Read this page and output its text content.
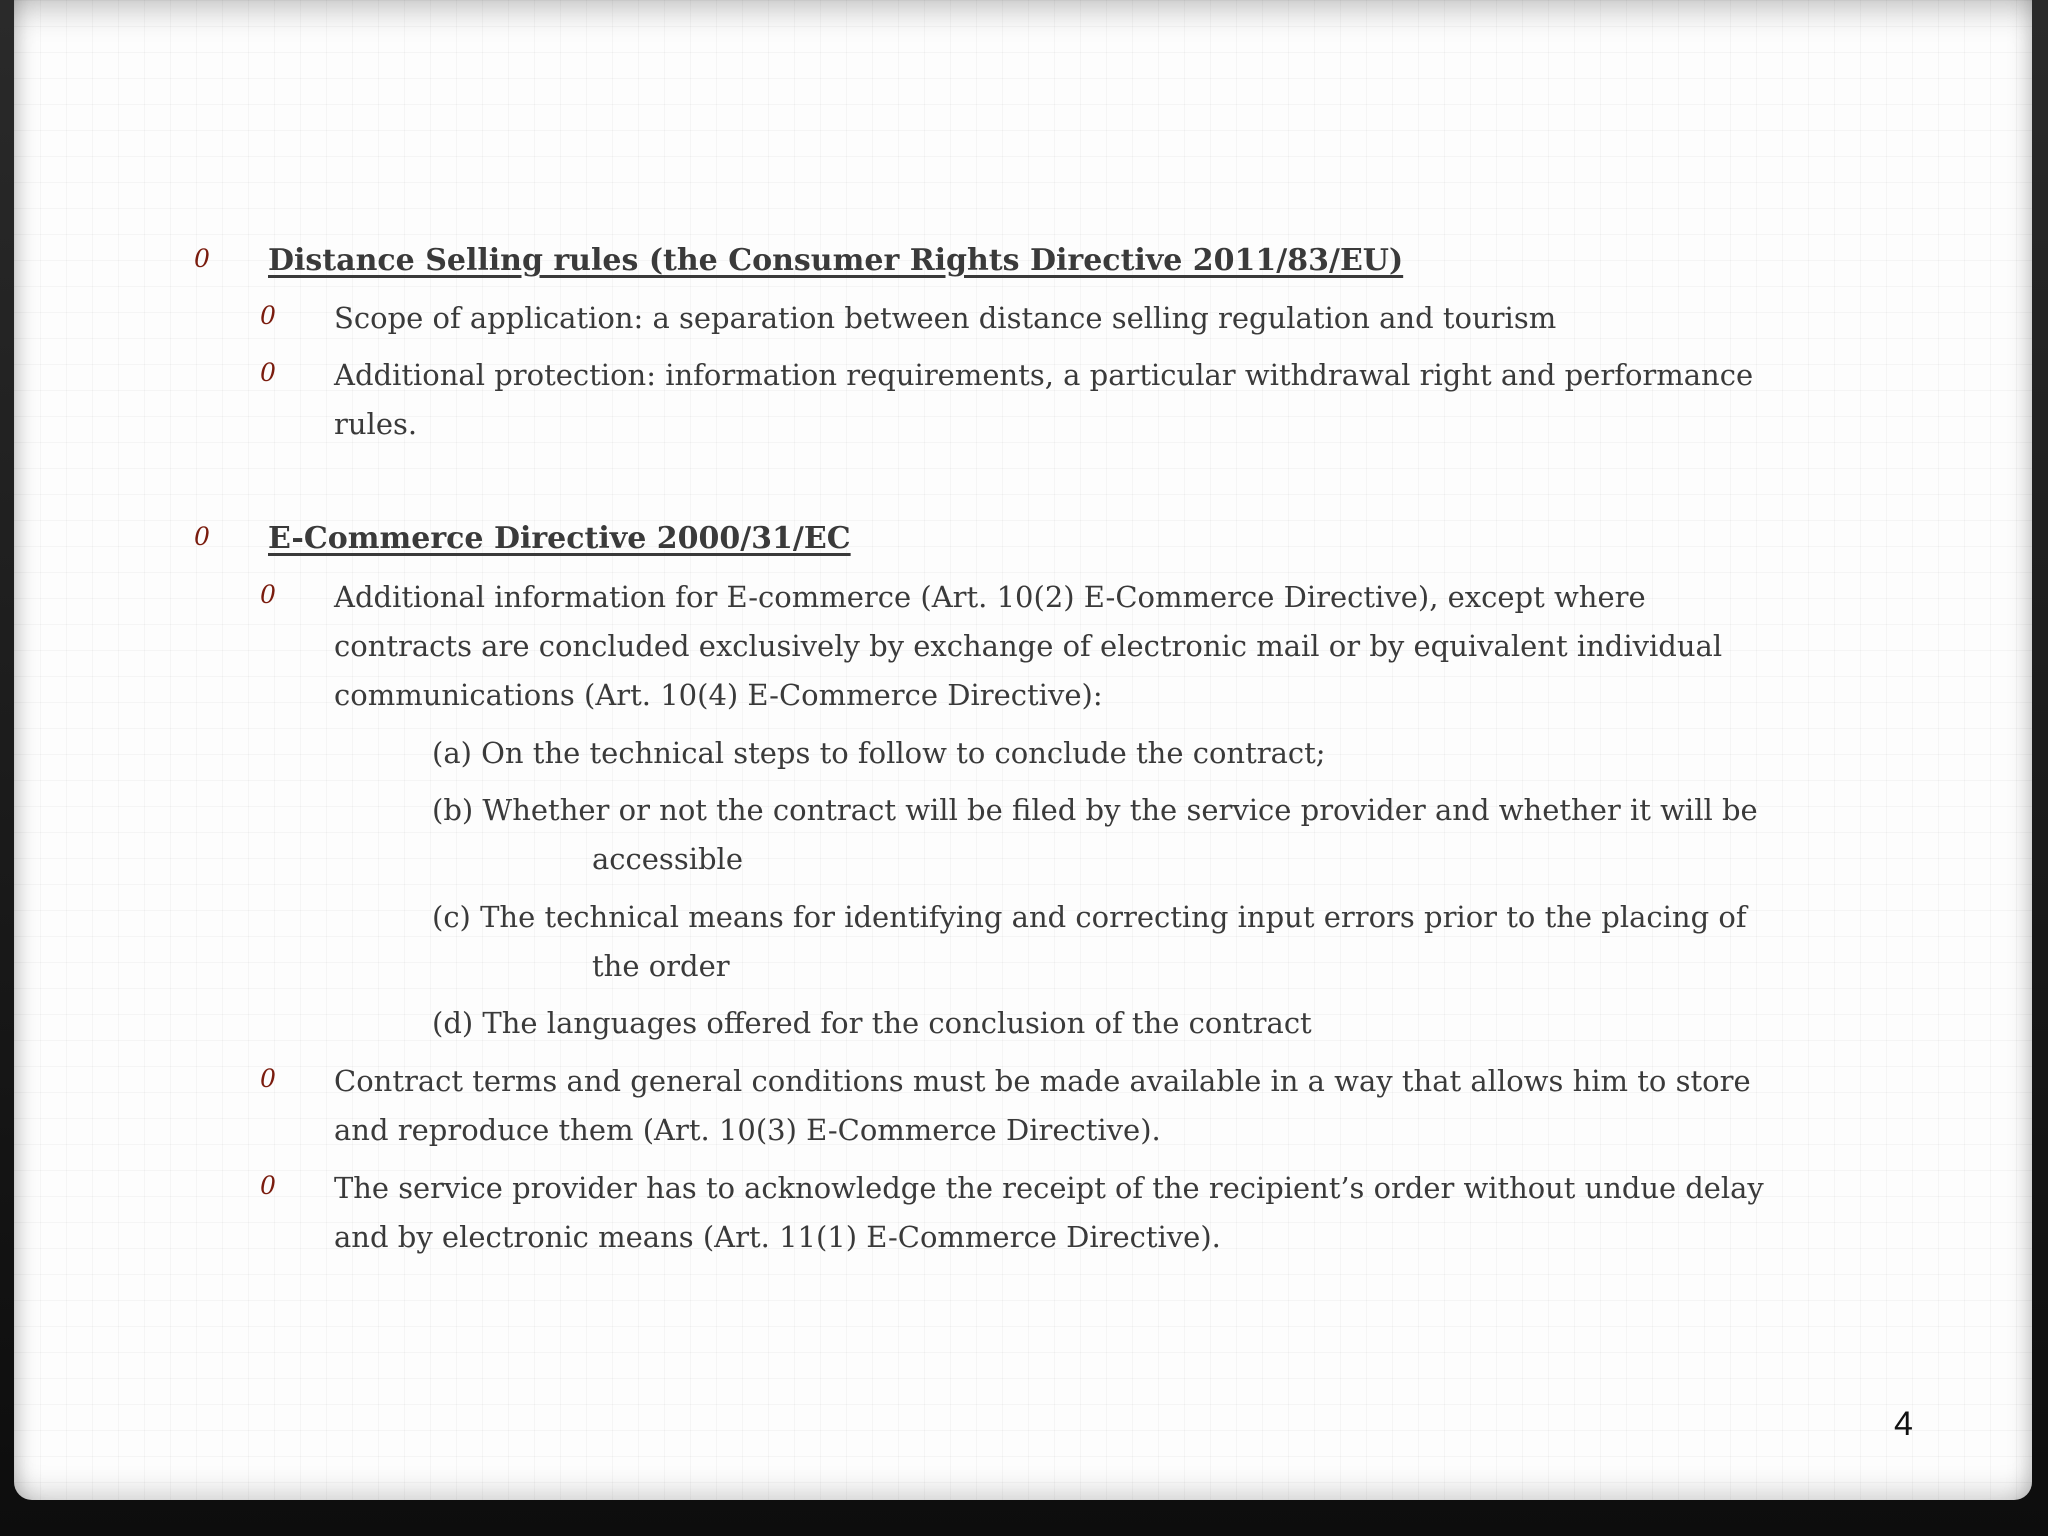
0 Distance Selling rules (the Consumer Rights Directive 2011/83/EU)
0 Scope of application: a separation between distance selling regulation and tourism
0 Additional protection: information requirements, a particular withdrawal right and performance
rules.
0 E-Commerce Directive 2000/31/EC
0 Additional information for E-commerce (Art. 10(2) E-Commerce Directive), except where
contracts are concluded exclusively by exchange of electronic mail or by equivalent individual
communications (Art. 10(4) E-Commerce Directive):
(a) On the technical steps to follow to conclude the contract;
(b) Whether or not the contract will be filed by the service provider and whether it will be
accessible
(c) The technical means for identifying and correcting input errors prior to the placing of
the order
(d) The languages offered for the conclusion of the contract
0 Contract terms and general conditions must be made available in a way that allows him to store
and reproduce them (Art. 10(3) E-Commerce Directive).
0 The service provider has to acknowledge the receipt of the recipient’s order without undue delay
and by electronic means (Art. 11(1) E-Commerce Directive).
4
